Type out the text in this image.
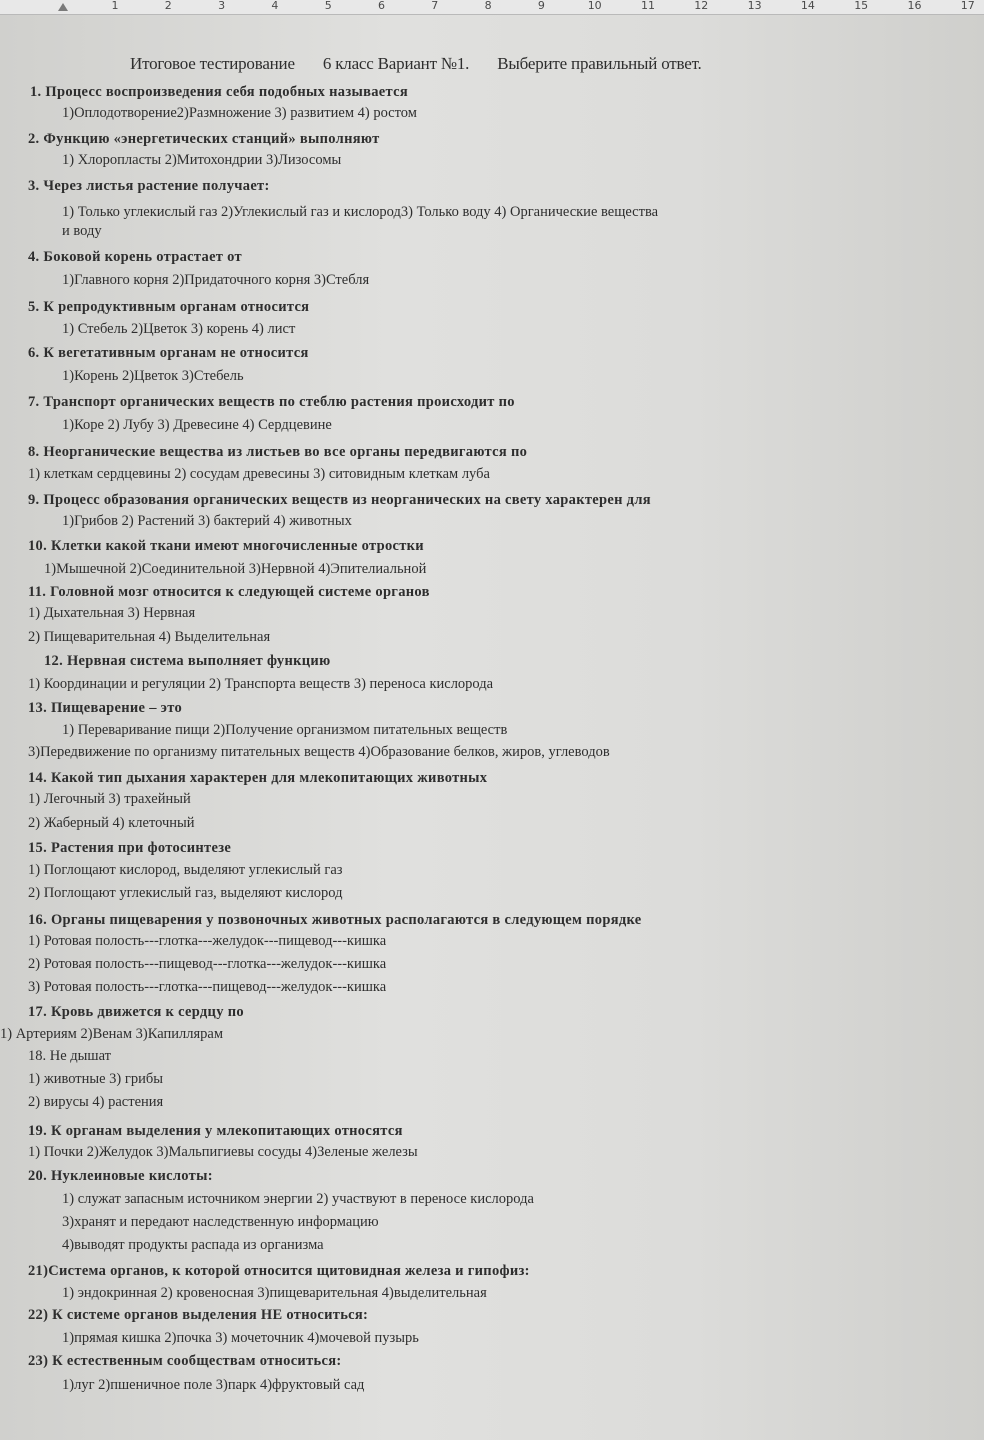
1	2	3	4	5	6	7	8	9	10	11	12	13	14	15	16	17
Итоговое тестирование 6 класс Вариант №1. Выберите правильный ответ.
1. Процесс воспроизведения себя подобных называется
1)Оплодотворение2)Размножение 3) развитием 4) ростом
2. Функцию «энергетических станций» выполняют
1) Хлоропласты 2)Митохондрии 3)Лизосомы
3. Через листья растение получает:
1) Только углекислый газ 2)Углекислый газ и кислород3) Только воду 4) Органические вещества
и воду
4. Боковой корень отрастает от
1)Главного корня 2)Придаточного корня 3)Стебля
5. К репродуктивным органам относится
1) Стебель 2)Цветок 3) корень 4) лист
6. К вегетативным органам не относится
1)Корень 2)Цветок 3)Стебель
7. Транспорт органических веществ по стеблю растения происходит по
1)Коре 2) Лубу 3) Древесине 4) Сердцевине
8. Неорганические вещества из листьев во все органы передвигаются по
1) клеткам сердцевины 2) сосудам древесины 3) ситовидным клеткам луба
9. Процесс образования органических веществ из неорганических на свету характерен для
1)Грибов 2) Растений 3) бактерий 4) животных
10. Клетки какой ткани имеют многочисленные отростки
1)Мышечной 2)Соединительной 3)Нервной 4)Эпителиальной
11. Головной мозг относится к следующей системе органов
1) Дыхательная 3) Нервная
2) Пищеварительная 4) Выделительная
12. Нервная система выполняет функцию
1) Координации и регуляции 2) Транспорта веществ 3) переноса кислорода
13. Пищеварение – это
1) Переваривание пищи 2)Получение организмом питательных веществ
3)Передвижение по организму питательных веществ 4)Образование белков, жиров, углеводов
14. Какой тип дыхания характерен для млекопитающих животных
1) Легочный 3) трахейный
2) Жаберный 4) клеточный
15. Растения при фотосинтезе
1) Поглощают кислород, выделяют углекислый газ
2) Поглощают углекислый газ, выделяют кислород
16. Органы пищеварения у позвоночных животных располагаются в следующем порядке
1) Ротовая полость---глотка---желудок---пищевод---кишка
2) Ротовая полость---пищевод---глотка---желудок---кишка
3) Ротовая полость---глотка---пищевод---желудок---кишка
17. Кровь движется к сердцу по
1) Артериям 2)Венам 3)Капиллярам
18. Не дышат
1) животные 3) грибы
2) вирусы 4) растения
19. К органам выделения у млекопитающих относятся
1) Почки 2)Желудок 3)Мальпигиевы сосуды 4)Зеленые железы
20. Нуклеиновые кислоты:
1) служат запасным источником энергии 2) участвуют в переносе кислорода
3)хранят и передают наследственную информацию
4)выводят продукты распада из организма
21)Система органов, к которой относится щитовидная железа и гипофиз:
1) эндокринная 2) кровеносная 3)пищеварительная 4)выделительная
22) К системе органов выделения НЕ относиться:
1)прямая кишка 2)почка 3) мочеточник 4)мочевой пузырь
23) К естественным сообществам относиться:
1)луг 2)пшеничное поле 3)парк 4)фруктовый сад
